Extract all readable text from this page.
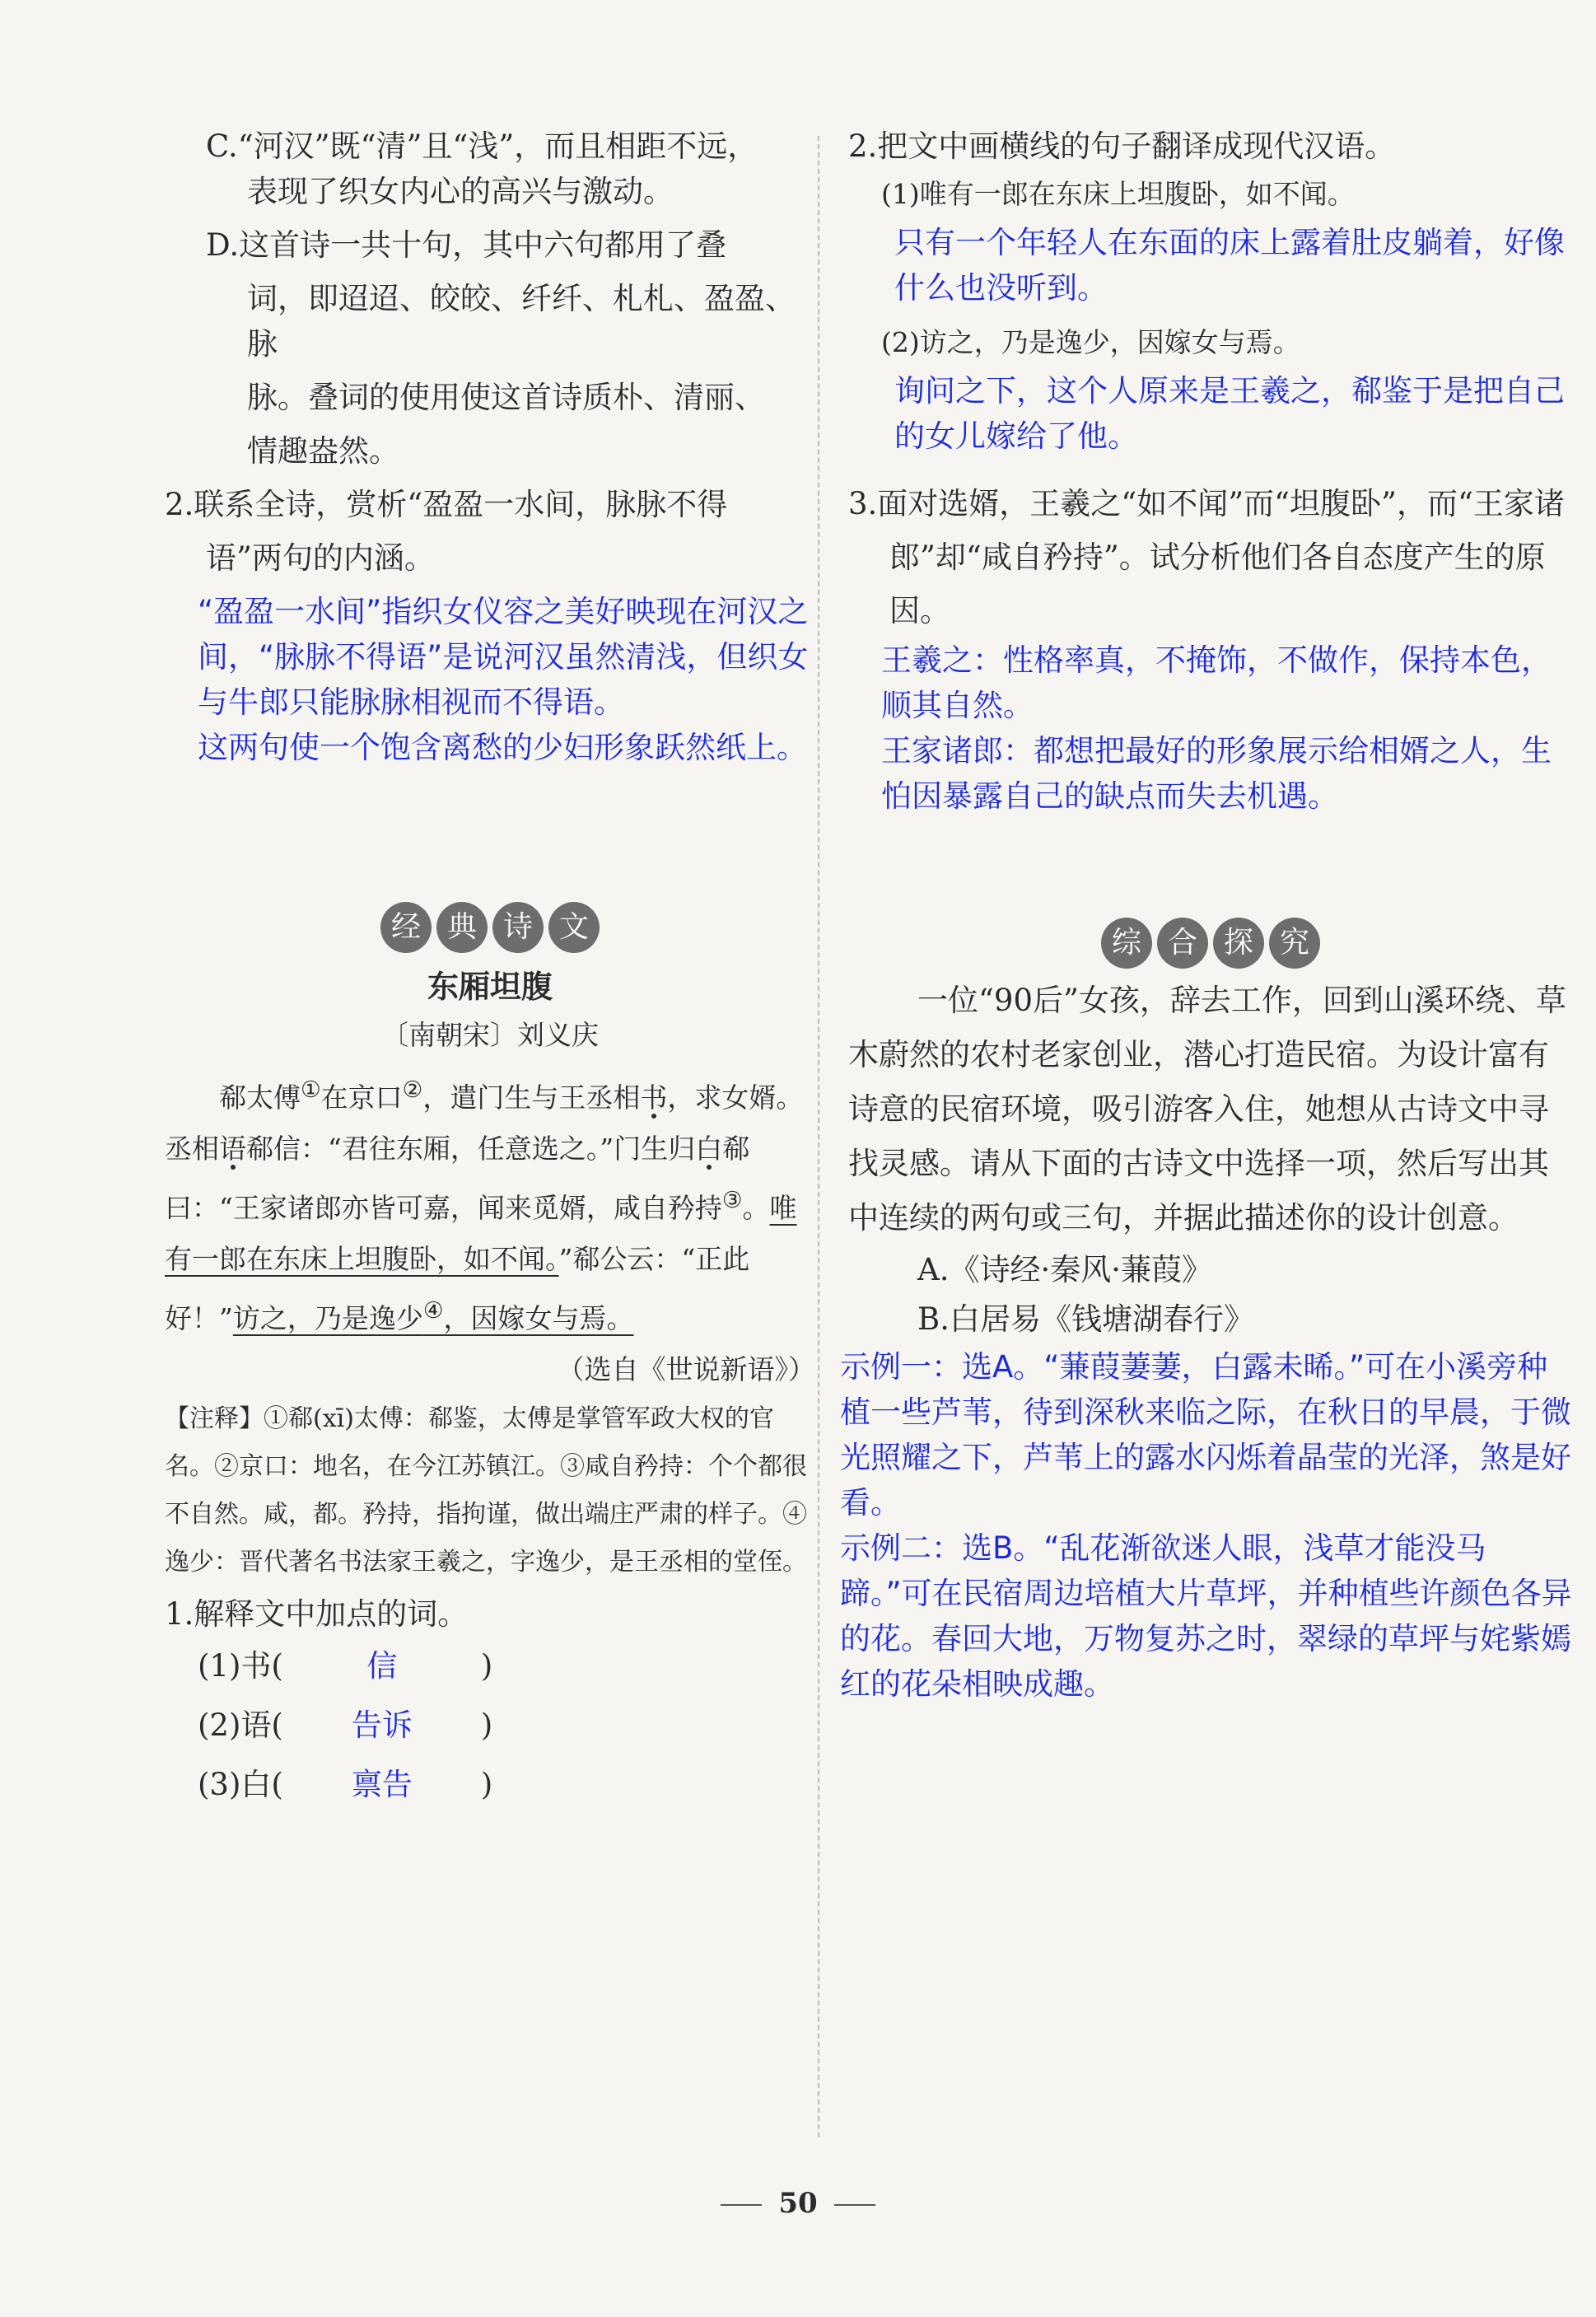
C.“河汉”既“清”且“浅”，而且相距不远，

表现了织女内心的高兴与激动。

D.这首诗一共十句，其中六句都用了叠

词，即迢迢、皎皎、纤纤、札札、盈盈、脉

脉。叠词的使用使这首诗质朴、清丽、

情趣盎然。

2.联系全诗，赏析“盈盈一水间，脉脉不得

语”两句的内涵。

“盈盈一水间”指织女仪容之美好映现在河汉之间，“脉脉不得语”是说河汉虽然清浅，但织女与牛郎只能脉脉相视而不得语。

这两句使一个饱含离愁的少妇形象跃然纸上。

经 典 诗 文

东厢坦腹

〔南朝宋〕刘义庆

郗太傅①在京口②，遣门生与王丞相书，求女婿。丞相语郗信：“君往东厢，任意选之。”门生归白郗曰：“王家诸郎亦皆可嘉，闻来觅婿，咸自矜持③。唯有一郎在东床上坦腹卧，如不闻。”郗公云：“正此好！”访之，乃是逸少④，因嫁女与焉。

（选自《世说新语》）

【注释】①郗(xī)太傅：郗鉴，太傅是掌管军政大权的官名。②京口：地名，在今江苏镇江。③咸自矜持：个个都很不自然。咸，都。矜持，指拘谨，做出端庄严肃的样子。④逸少：晋代著名书法家王羲之，字逸少，是王丞相的堂侄。

1.解释文中加点的词。

(1)书(	信	)
(2)语(	告诉	)
(3)白(	禀告	)

2.把文中画横线的句子翻译成现代汉语。

(1)唯有一郎在东床上坦腹卧，如不闻。

只有一个年轻人在东面的床上露着肚皮躺着，好像什么也没听到。

(2)访之，乃是逸少，因嫁女与焉。

询问之下，这个人原来是王羲之，郗鉴于是把自己的女儿嫁给了他。

3.面对选婿，王羲之“如不闻”而“坦腹卧”，而“王家诸郎”却“咸自矜持”。试分析他们各自态度产生的原因。

王羲之：性格率真，不掩饰，不做作，保持本色，顺其自然。

王家诸郎：都想把最好的形象展示给相婿之人，生怕因暴露自己的缺点而失去机遇。

综 合 探 究

一位“90后”女孩，辞去工作，回到山溪环绕、草木蔚然的农村老家创业，潜心打造民宿。为设计富有诗意的民宿环境，吸引游客入住，她想从古诗文中寻找灵感。请从下面的古诗文中选择一项，然后写出其中连续的两句或三句，并据此描述你的设计创意。

A.《诗经·秦风·蒹葭》

B.白居易《钱塘湖春行》

示例一：选A。“蒹葭萋萋，白露未晞。”可在小溪旁种植一些芦苇，待到深秋来临之际，在秋日的早晨，于微光照耀之下，芦苇上的露水闪烁着晶莹的光泽，煞是好看。

示例二：选B。“乱花渐欲迷人眼，浅草才能没马蹄。”可在民宿周边培植大片草坪，并种植些许颜色各异的花。春回大地，万物复苏之时，翠绿的草坪与姹紫嫣红的花朵相映成趣。

50
